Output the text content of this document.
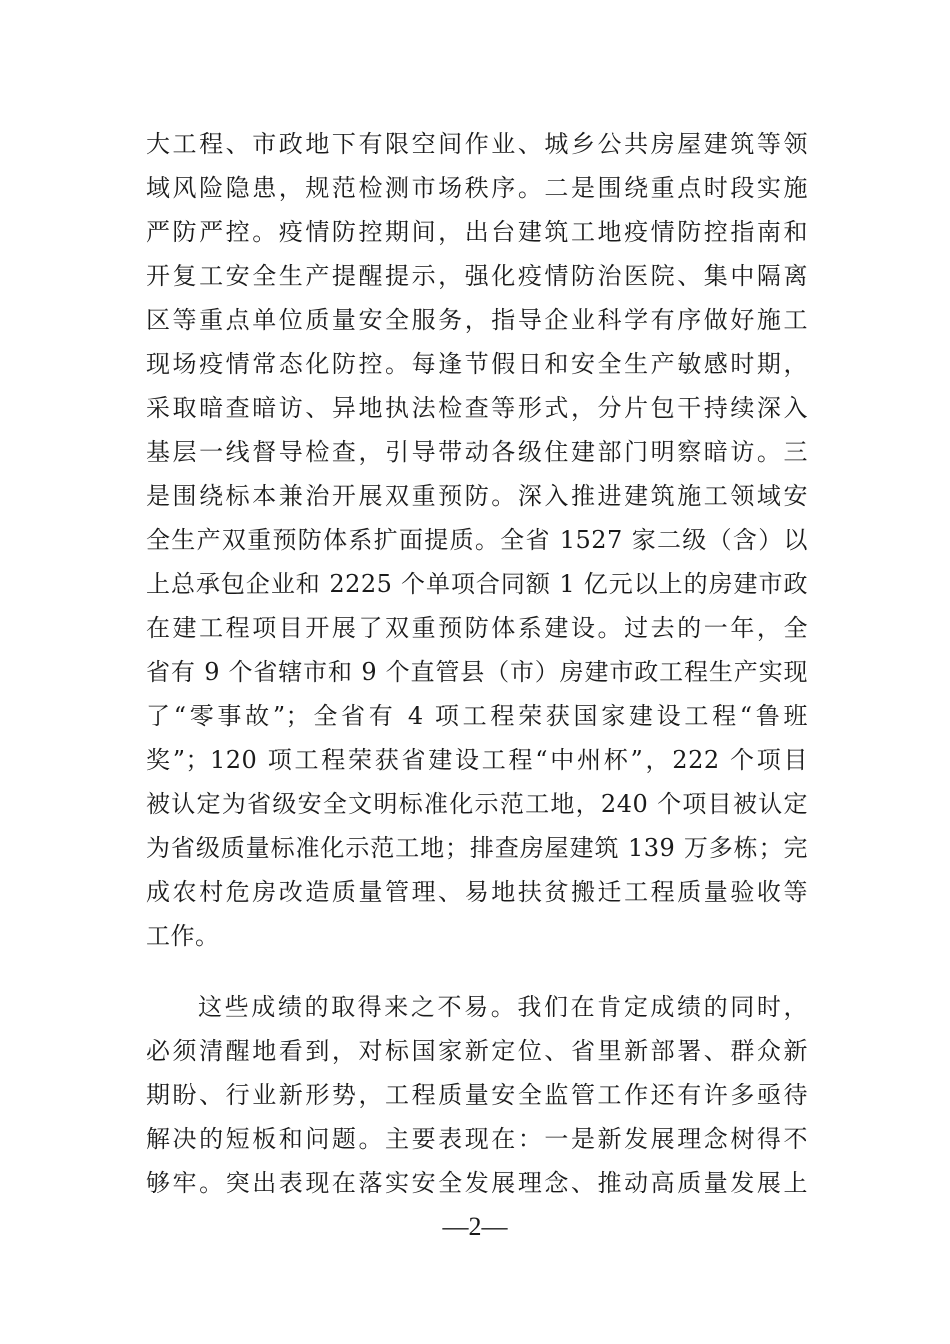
大工程、市政地下有限空间作业、城乡公共房屋建筑等领
域风险隐患，规范检测市场秩序。二是围绕重点时段实施
严防严控。疫情防控期间，出台建筑工地疫情防控指南和
开复工安全生产提醒提示，强化疫情防治医院、集中隔离
区等重点单位质量安全服务，指导企业科学有序做好施工
现场疫情常态化防控。每逢节假日和安全生产敏感时期，
采取暗查暗访、异地执法检查等形式，分片包干持续深入
基层一线督导检查，引导带动各级住建部门明察暗访。三
是围绕标本兼治开展双重预防。深入推进建筑施工领域安
全生产双重预防体系扩面提质。全省 1527 家二级（含）以
上总承包企业和 2225 个单项合同额 1 亿元以上的房建市政
在建工程项目开展了双重预防体系建设。过去的一年，全
省有 9 个省辖市和 9 个直管县（市）房建市政工程生产实现
了“零事故”；全省有 4 项工程荣获国家建设工程“鲁班
奖”；120 项工程荣获省建设工程“中州杯”，222 个项目
被认定为省级安全文明标准化示范工地，240 个项目被认定
为省级质量标准化示范工地；排查房屋建筑 139 万多栋；完
成农村危房改造质量管理、易地扶贫搬迁工程质量验收等
工作。
这些成绩的取得来之不易。我们在肯定成绩的同时，
必须清醒地看到，对标国家新定位、省里新部署、群众新
期盼、行业新形势，工程质量安全监管工作还有许多亟待
解决的短板和问题。主要表现在：一是新发展理念树得不
够牢。突出表现在落实安全发展理念、推动高质量发展上
—2—
